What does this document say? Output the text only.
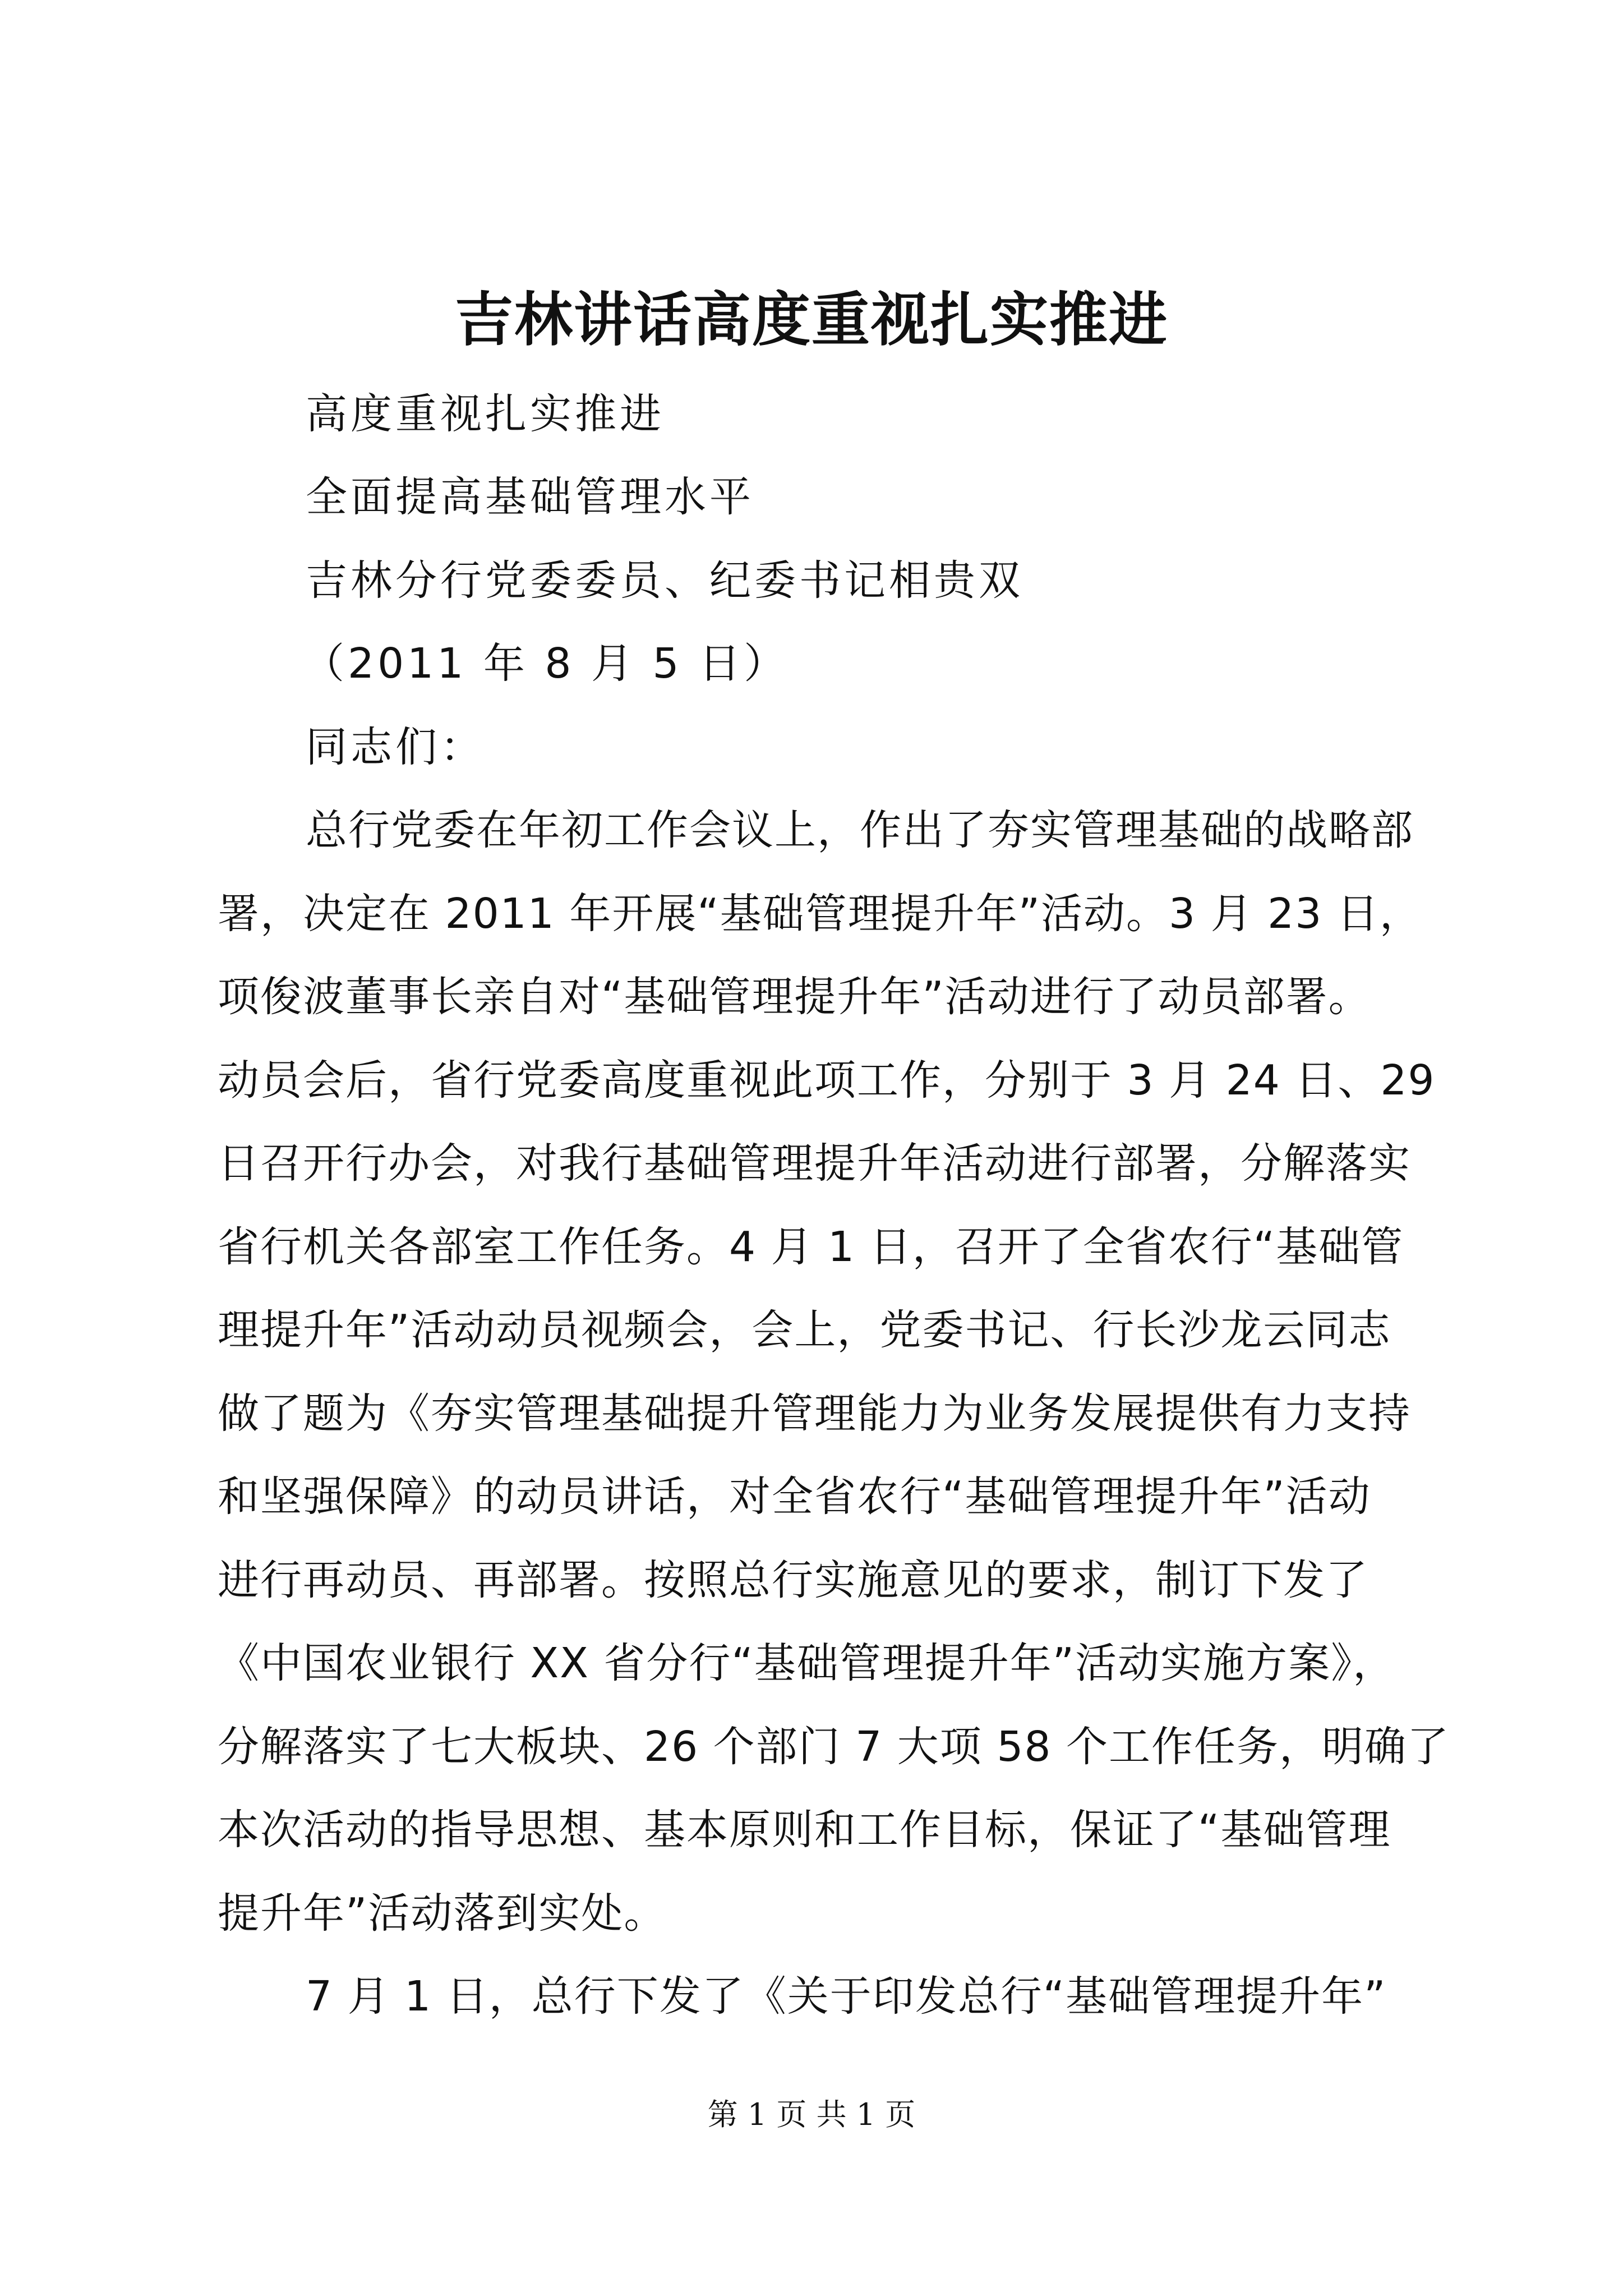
吉林讲话高度重视扎实推进
高度重视扎实推进
全面提高基础管理水平
吉林分行党委委员、纪委书记相贵双
（2011 年 8 月 5 日）
同志们：
总行党委在年初工作会议上，作出了夯实管理基础的战略部
署，决定在 2011 年开展“基础管理提升年”活动。3 月 23 日，
项俊波董事长亲自对“基础管理提升年”活动进行了动员部署。
动员会后，省行党委高度重视此项工作，分别于 3 月 24 日、29
日召开行办会，对我行基础管理提升年活动进行部署，分解落实
省行机关各部室工作任务。4 月 1 日，召开了全省农行“基础管
理提升年”活动动员视频会，会上，党委书记、行长沙龙云同志
做了题为《夯实管理基础提升管理能力为业务发展提供有力支持
和坚强保障》的动员讲话，对全省农行“基础管理提升年”活动
进行再动员、再部署。按照总行实施意见的要求，制订下发了
《中国农业银行 XX 省分行“基础管理提升年”活动实施方案》，
分解落实了七大板块、26 个部门 7 大项 58 个工作任务，明确了
本次活动的指导思想、基本原则和工作目标，保证了“基础管理
提升年”活动落到实处。
7 月 1 日，总行下发了《关于印发总行“基础管理提升年”
第 1 页 共 1 页
